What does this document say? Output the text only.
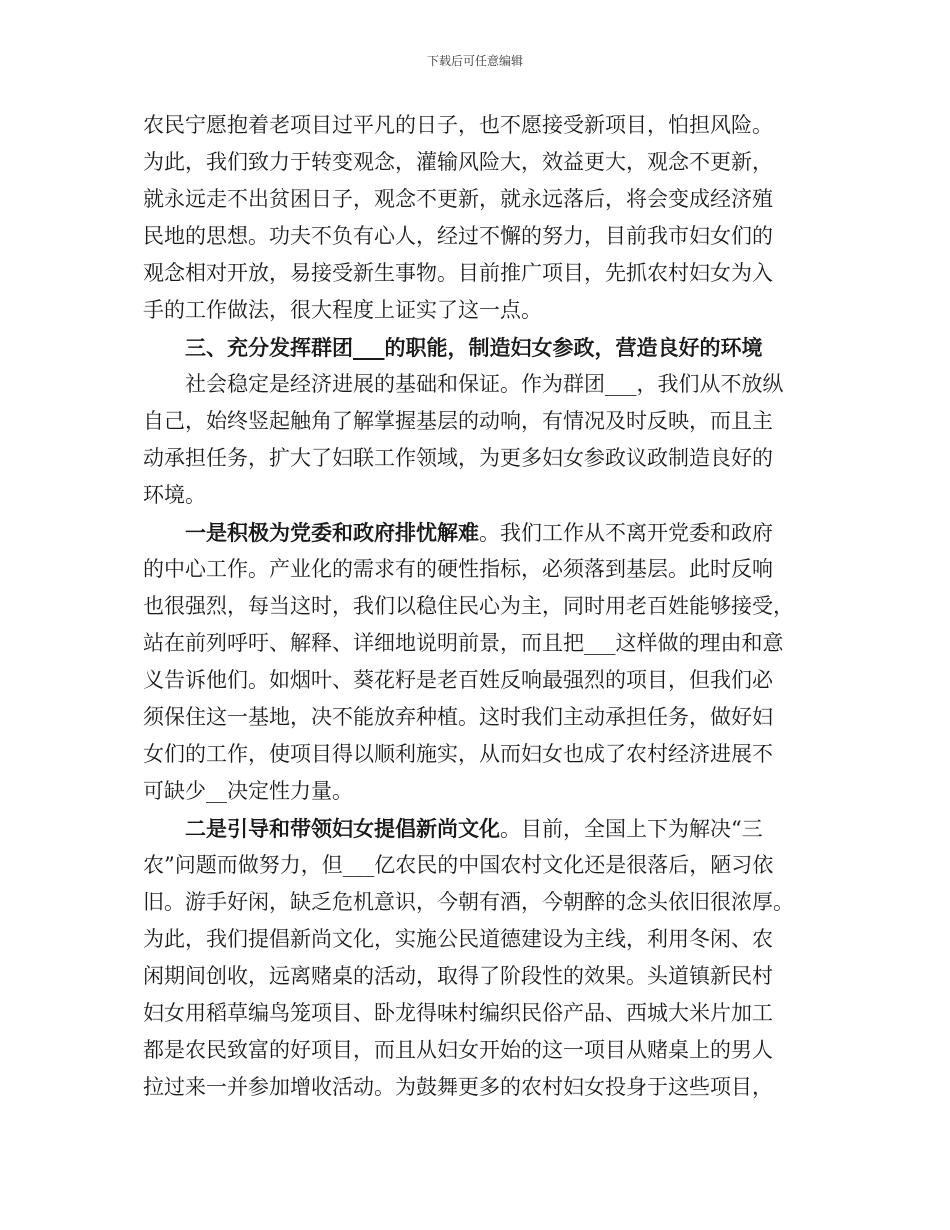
下载后可任意编辑
农民宁愿抱着老项目过平凡的日子，也不愿接受新项目，怕担风险。
为此，我们致力于转变观念，灌输风险大，效益更大，观念不更新，
就永远走不出贫困日子，观念不更新，就永远落后，将会变成经济殖
民地的思想。功夫不负有心人，经过不懈的努力，目前我市妇女们的
观念相对开放，易接受新生事物。目前推广项目，先抓农村妇女为入
手的工作做法，很大程度上证实了这一点。
三、充分发挥群团___的职能，制造妇女参政，营造良好的环境
社会稳定是经济进展的基础和保证。作为群团___，我们从不放纵
自己，始终竖起触角了解掌握基层的动响，有情况及时反映，而且主
动承担任务，扩大了妇联工作领域，为更多妇女参政议政制造良好的
环境。
一是积极为党委和政府排忧解难。我们工作从不离开党委和政府
的中心工作。产业化的需求有的硬性指标，必须落到基层。此时反响
也很强烈，每当这时，我们以稳住民心为主，同时用老百姓能够接受，
站在前列呼吁、解释、详细地说明前景，而且把___这样做的理由和意
义告诉他们。如烟叶、葵花籽是老百姓反响最强烈的项目，但我们必
须保住这一基地，决不能放弃种植。这时我们主动承担任务，做好妇
女们的工作，使项目得以顺利施实，从而妇女也成了农村经济进展不
可缺少__决定性力量。
二是引导和带领妇女提倡新尚文化。目前，全国上下为解决“三
农”问题而做努力，但___亿农民的中国农村文化还是很落后，陋习依
旧。游手好闲，缺乏危机意识，今朝有酒，今朝醉的念头依旧很浓厚。
为此，我们提倡新尚文化，实施公民道德建设为主线，利用冬闲、农
闲期间创收，远离赌桌的活动，取得了阶段性的效果。头道镇新民村
妇女用稻草编鸟笼项目、卧龙得味村编织民俗产品、西城大米片加工
都是农民致富的好项目，而且从妇女开始的这一项目从赌桌上的男人
拉过来一并参加增收活动。为鼓舞更多的农村妇女投身于这些项目，
